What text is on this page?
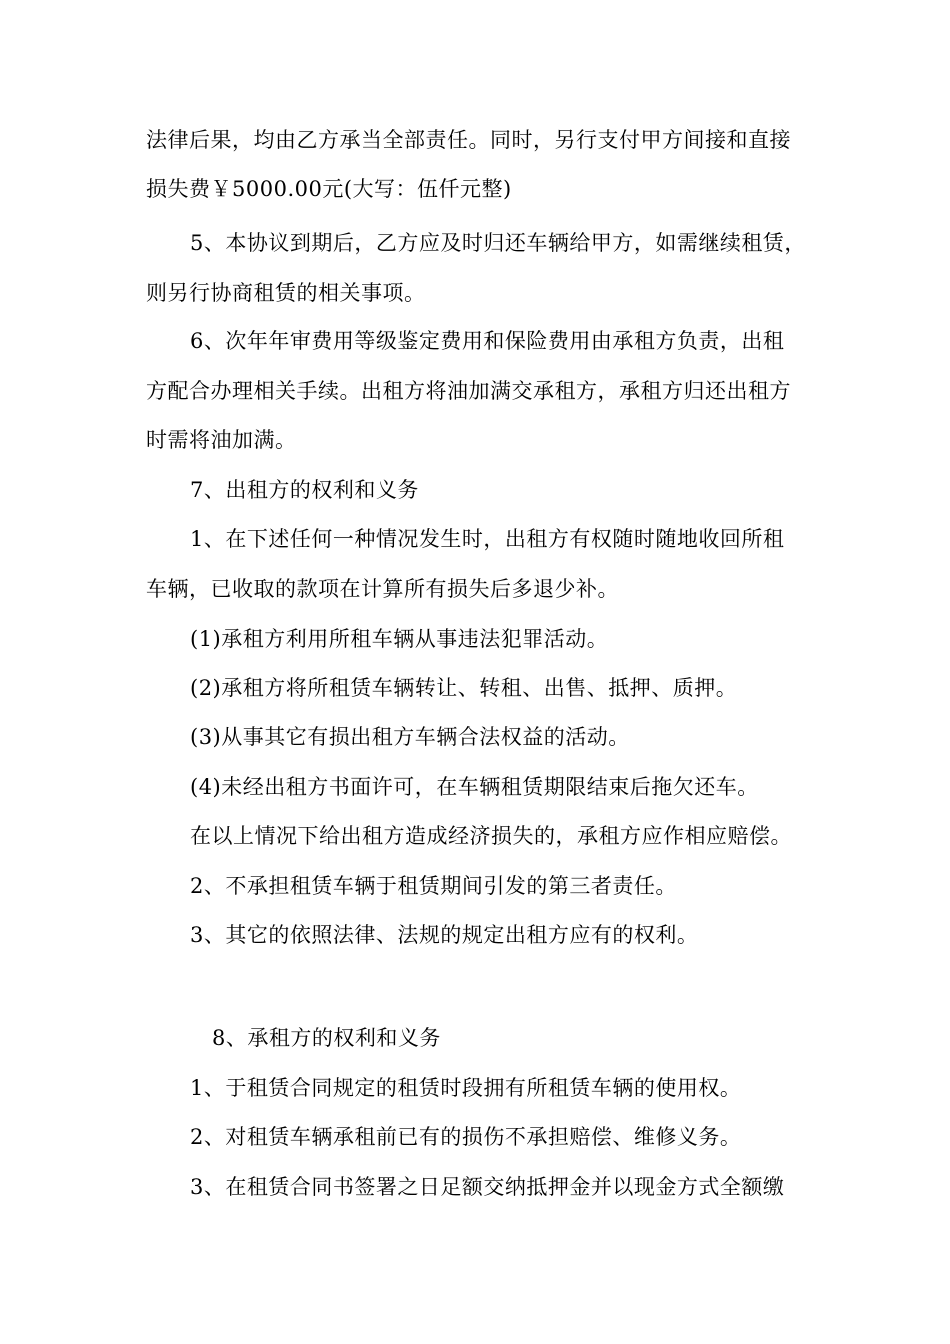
法律后果，均由乙方承当全部责任。同时，另行支付甲方间接和直接

损失费￥5000.00元(大写：伍仟元整)

5、本协议到期后，乙方应及时归还车辆给甲方，如需继续租赁，

则另行协商租赁的相关事项。

6、次年年审费用等级鉴定费用和保险费用由承租方负责，出租

方配合办理相关手续。出租方将油加满交承租方，承租方归还出租方

时需将油加满。

7、出租方的权利和义务

1、在下述任何一种情况发生时，出租方有权随时随地收回所租

车辆，已收取的款项在计算所有损失后多退少补。

(1)承租方利用所租车辆从事违法犯罪活动。

(2)承租方将所租赁车辆转让、转租、出售、抵押、质押。

(3)从事其它有损出租方车辆合法权益的活动。

(4)未经出租方书面许可，在车辆租赁期限结束后拖欠还车。

在以上情况下给出租方造成经济损失的，承租方应作相应赔偿。

2、不承担租赁车辆于租赁期间引发的第三者责任。

3、其它的依照法律、法规的规定出租方应有的权利。

8、承租方的权利和义务

1、于租赁合同规定的租赁时段拥有所租赁车辆的使用权。

2、对租赁车辆承租前已有的损伤不承担赔偿、维修义务。

3、在租赁合同书签署之日足额交纳抵押金并以现金方式全额缴
